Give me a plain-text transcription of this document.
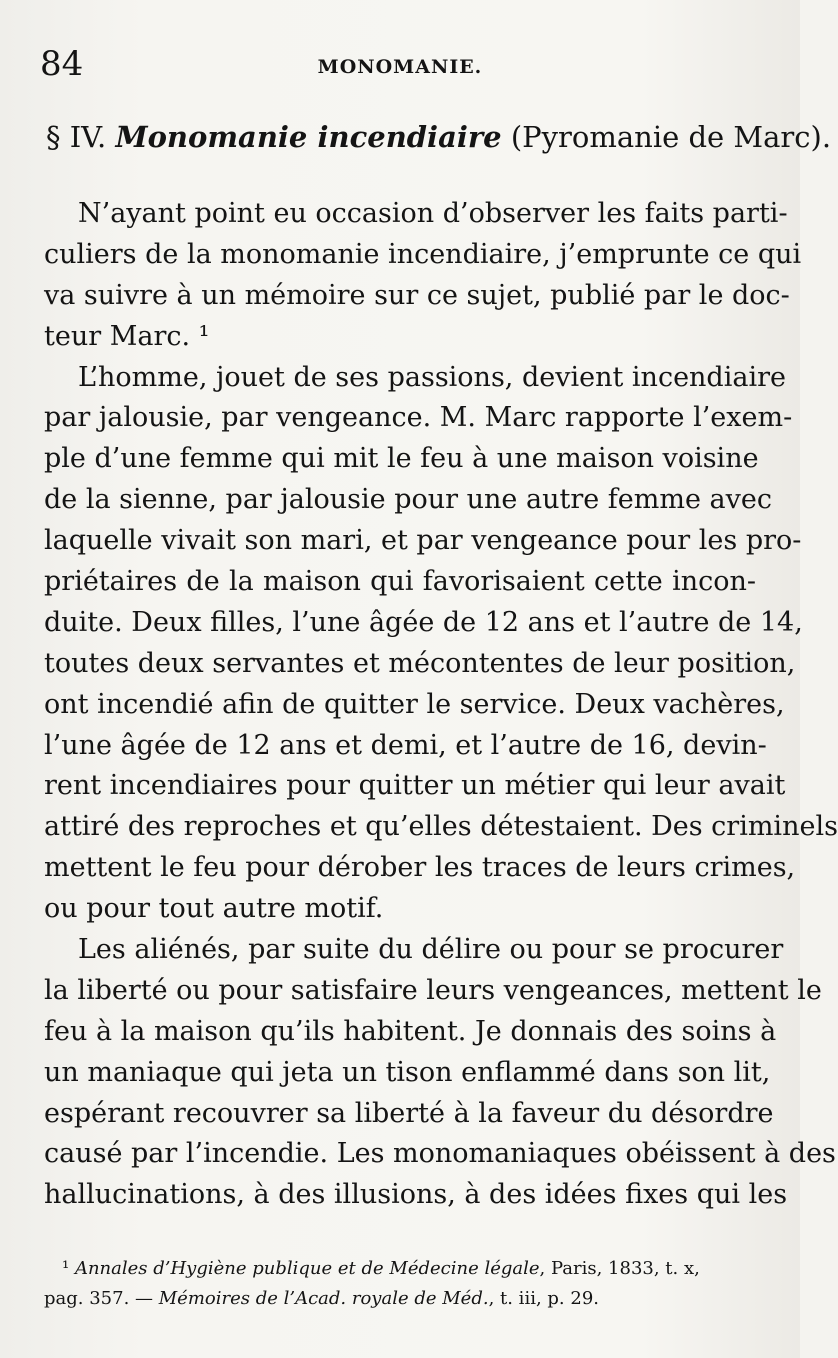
84	MONOMANIE.
§ IV. Monomanie incendiaire (Pyromanie de Marc).
N’ayant point eu occasion d’observer les faits parti-
culiers de la monomanie incendiaire, j’emprunte ce qui
va suivre à un mémoire sur ce sujet, publié par le doc-
teur Marc. ¹
L’homme, jouet de ses passions, devient incendiaire
par jalousie, par vengeance. M. Marc rapporte l’exem-
ple d’une femme qui mit le feu à une maison voisine
de la sienne, par jalousie pour une autre femme avec
laquelle vivait son mari, et par vengeance pour les pro-
priétaires de la maison qui favorisaient cette incon-
duite. Deux filles, l’une âgée de 12 ans et l’autre de 14,
toutes deux servantes et mécontentes de leur position,
ont incendié afin de quitter le service. Deux vachères,
l’une âgée de 12 ans et demi, et l’autre de 16, devin-
rent incendiaires pour quitter un métier qui leur avait
attiré des reproches et qu’elles détestaient. Des criminels
mettent le feu pour dérober les traces de leurs crimes,
ou pour tout autre motif.
Les aliénés, par suite du délire ou pour se procurer
la liberté ou pour satisfaire leurs vengeances, mettent le
feu à la maison qu’ils habitent. Je donnais des soins à
un maniaque qui jeta un tison enflammé dans son lit,
espérant recouvrer sa liberté à la faveur du désordre
causé par l’incendie. Les monomaniaques obéissent à des
hallucinations, à des illusions, à des idées fixes qui les
¹ Annales d’Hygiène publique et de Médecine légale, Paris, 1833, t. x,
pag. 357. — Mémoires de l’Acad. royale de Méd., t. iii, p. 29.
